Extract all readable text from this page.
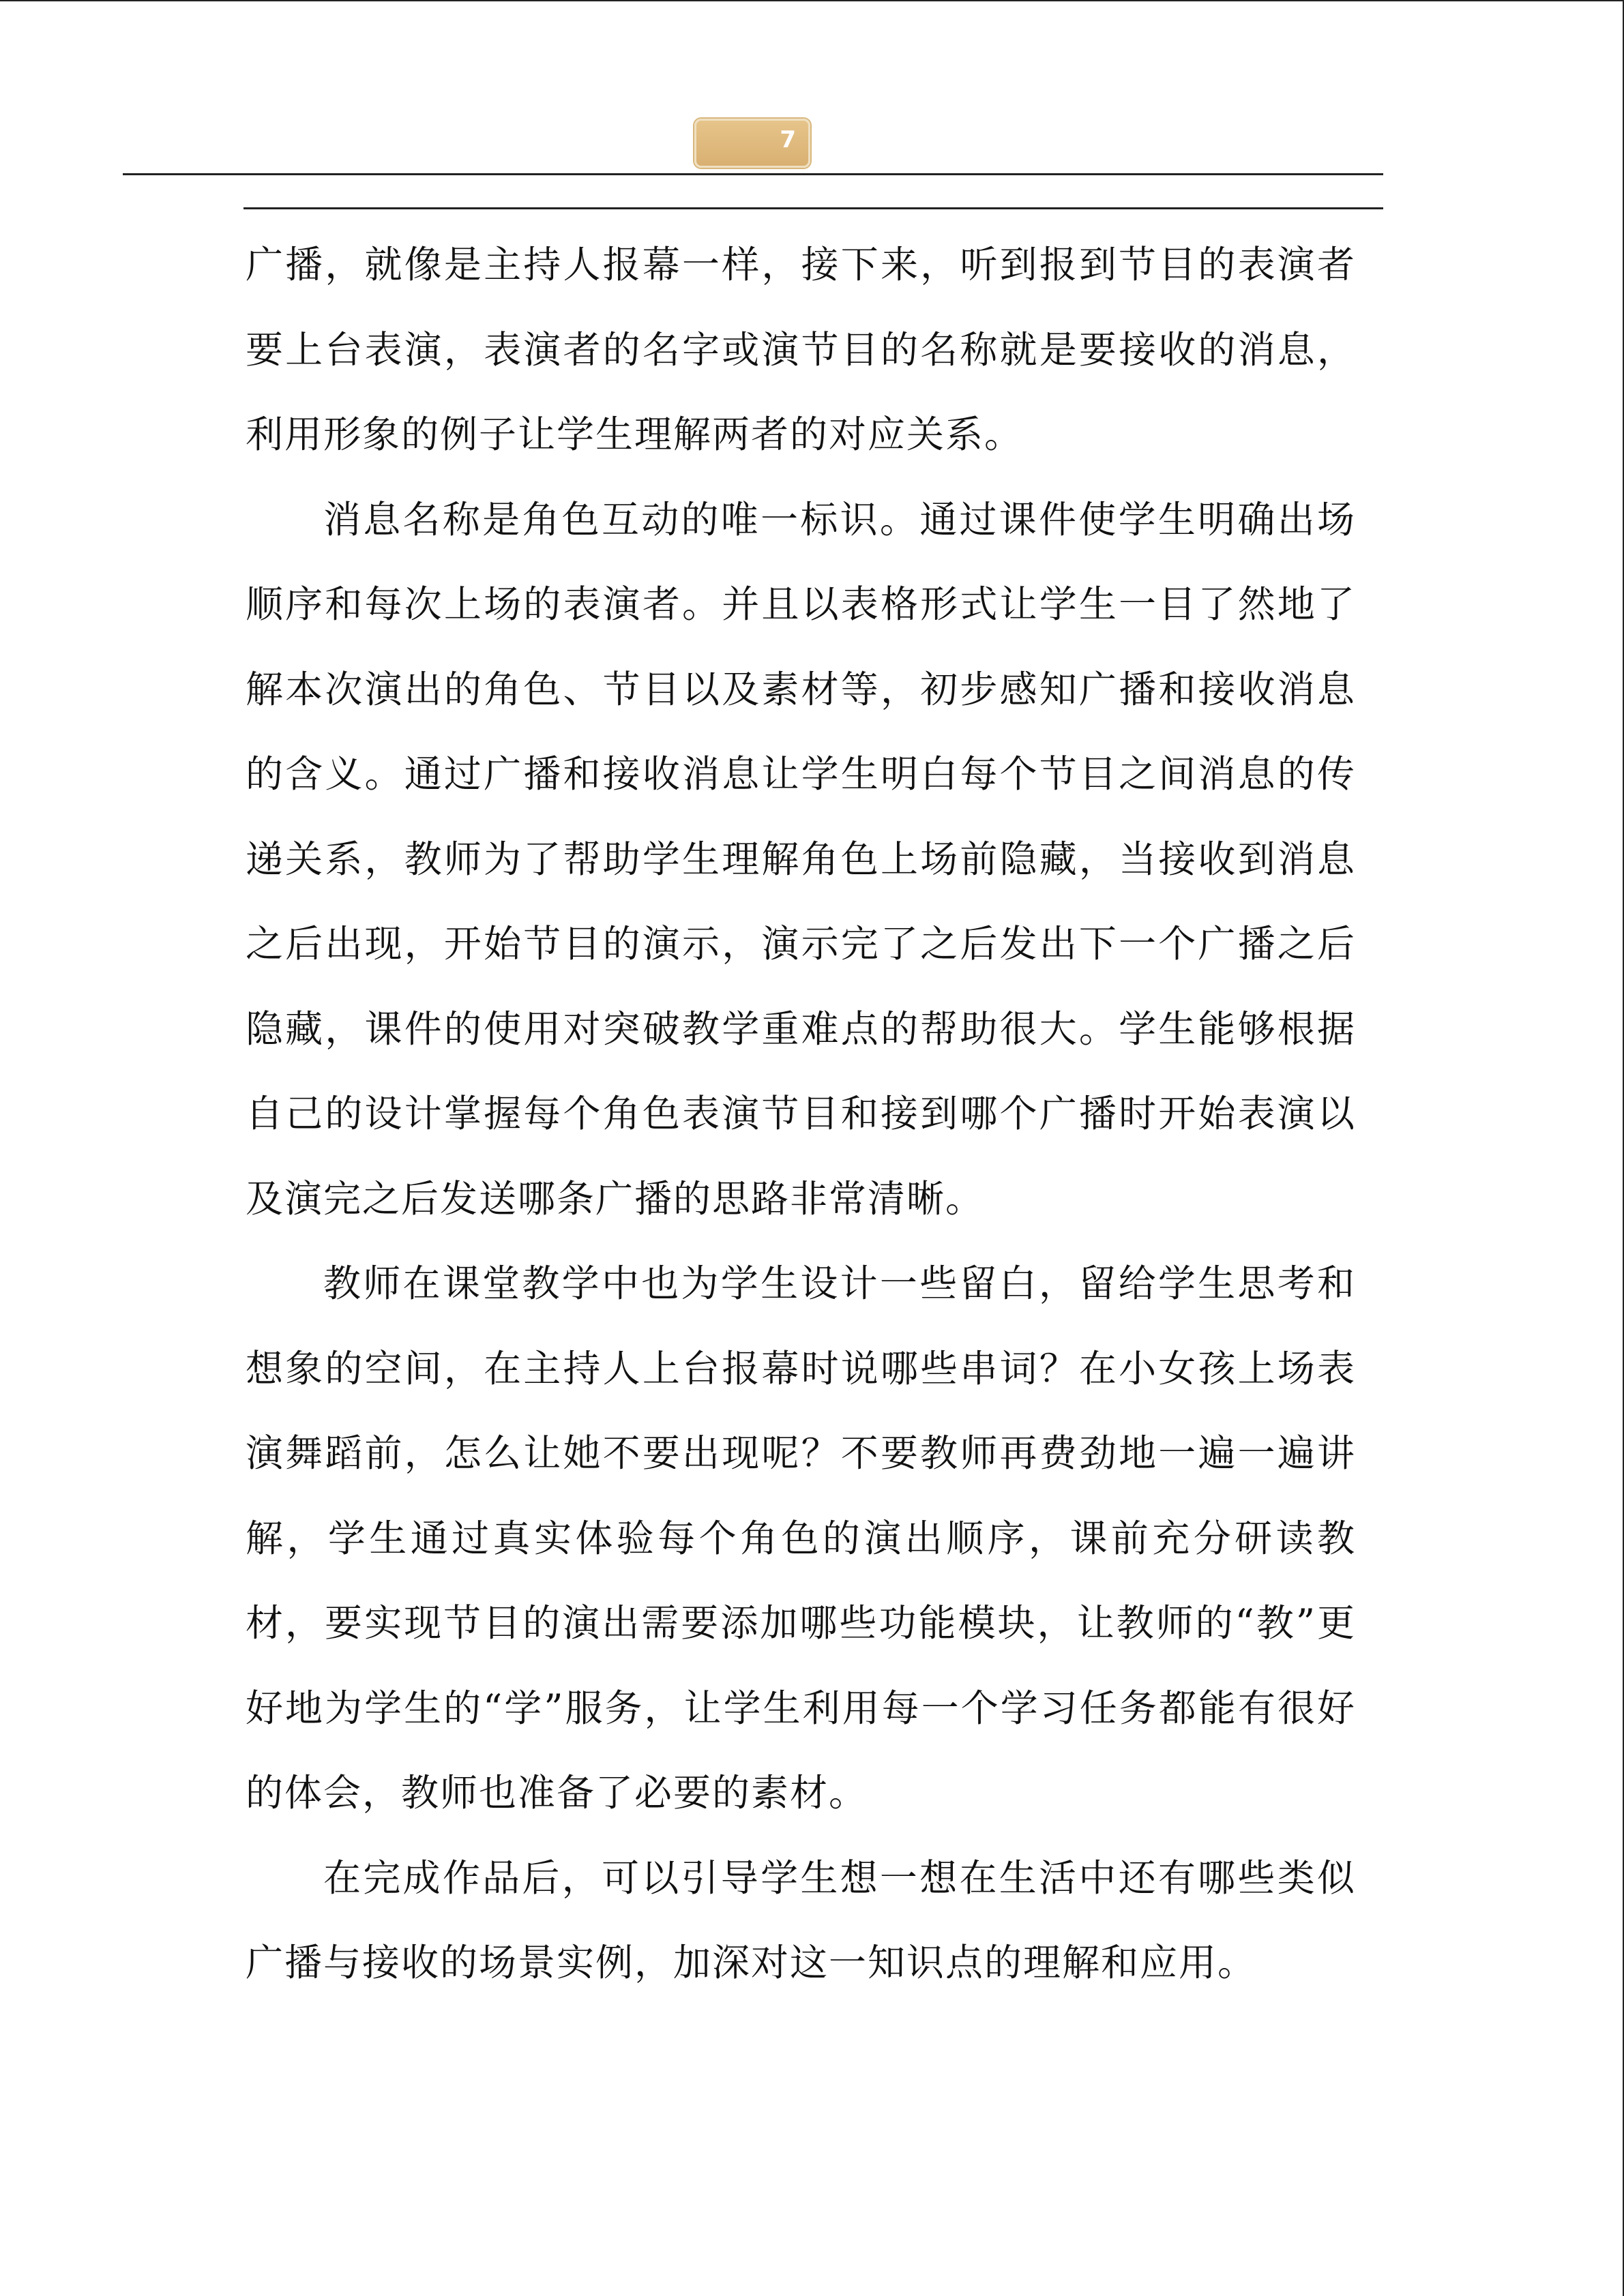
7

广播，就像是主持人报幕一样，接下来，听到报到节目的表演者要上台表演，表演者的名字或演节目的名称就是要接收的消息，利用形象的例子让学生理解两者的对应关系。

消息名称是角色互动的唯一标识。通过课件使学生明确出场顺序和每次上场的表演者。并且以表格形式让学生一目了然地了解本次演出的角色、节目以及素材等，初步感知广播和接收消息的含义。通过广播和接收消息让学生明白每个节目之间消息的传递关系，教师为了帮助学生理解角色上场前隐藏，当接收到消息之后出现，开始节目的演示，演示完了之后发出下一个广播之后隐藏，课件的使用对突破教学重难点的帮助很大。学生能够根据自己的设计掌握每个角色表演节目和接到哪个广播时开始表演以及演完之后发送哪条广播的思路非常清晰。

教师在课堂教学中也为学生设计一些留白，留给学生思考和想象的空间，在主持人上台报幕时说哪些串词？在小女孩上场表演舞蹈前，怎么让她不要出现呢？不要教师再费劲地一遍一遍讲解，学生通过真实体验每个角色的演出顺序，课前充分研读教材，要实现节目的演出需要添加哪些功能模块，让教师的“教”更好地为学生的“学”服务，让学生利用每一个学习任务都能有很好的体会，教师也准备了必要的素材。

在完成作品后，可以引导学生想一想在生活中还有哪些类似广播与接收的场景实例，加深对这一知识点的理解和应用。
